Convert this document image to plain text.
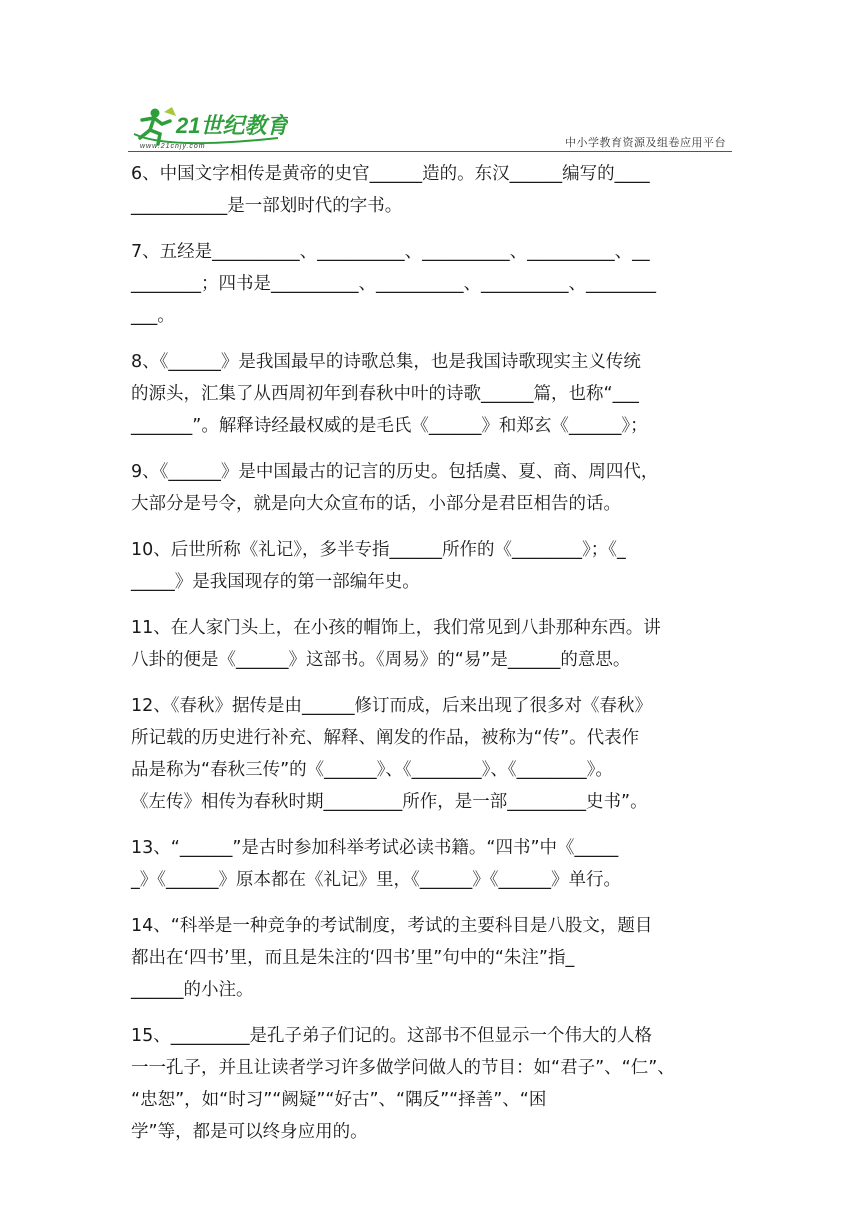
21世纪教育
www.21cnjy.com	中小学教育资源及组卷应用平台

6、中国文字相传是黄帝的史官______造的。东汉______编写的____

___________是一部划时代的字书。

7、五经是__________、__________、__________、__________、__

________；四书是__________、__________、__________、________

___。

8、《______》是我国最早的诗歌总集，也是我国诗歌现实主义传统

的源头，汇集了从西周初年到春秋中叶的诗歌______篇，也称“___

_______”。解释诗经最权威的是毛氏《______》和郑玄《______》；

9、《______》是中国最古的记言的历史。包括虞、夏、商、周四代，

大部分是号令，就是向大众宣布的话，小部分是君臣相告的话。

10、后世所称《礼记》，多半专指______所作的《________》；《_

_____》是我国现存的第一部编年史。

11、在人家门头上，在小孩的帽饰上，我们常见到八卦那种东西。讲

八卦的便是《______》这部书。《周易》的“易”是______的意思。

12、《春秋》据传是由______修订而成，后来出现了很多对《春秋》

所记载的历史进行补充、解释、阐发的作品，被称为“传”。代表作

品是称为“春秋三传”的《______》、《________》、《________》。

《左传》相传为春秋时期_________所作，是一部_________史书”。

13、“______”是古时参加科举考试必读书籍。“四书”中《_____

_》《______》原本都在《礼记》里，《______》《______》单行。

14、“科举是一种竞争的考试制度，考试的主要科目是八股文，题目

都出在‘四书’里，而且是朱注的‘四书’里”句中的“朱注”指_

______的小注。

15、_________是孔子弟子们记的。这部书不但显示一个伟大的人格

一一孔子，并且让读者学习许多做学问做人的节目：如“君子”、“仁”、

“忠恕”，如“时习”“阙疑”“好古”、“隅反”“择善”、“困

学”等，都是可以终身应用的。
